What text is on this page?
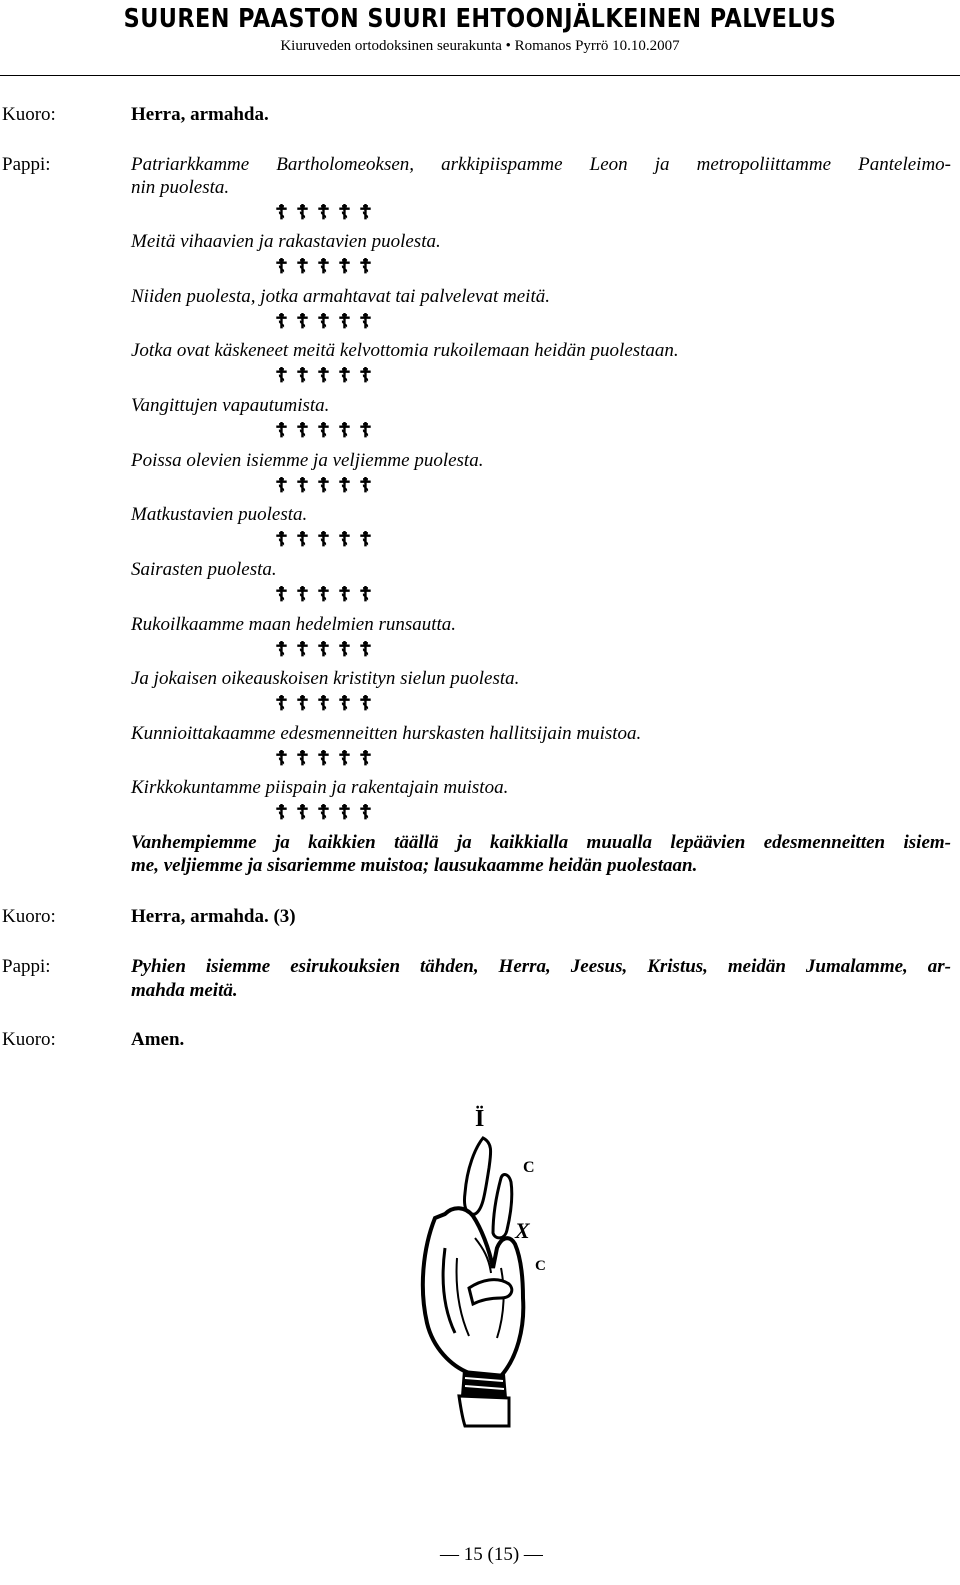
SUUREN PAASTON SUURI EHTOONJÄLKEINEN PALVELUS
Kiuruveden ortodoksinen seurakunta • Romanos Pyrrö 10.10.2007
Kuoro:	Herra, armahda.
Pappi:	Patriarkkamme Bartholomeoksen, arkkipiispamme Leon ja metropoliittamme Panteleimo-
nin puolesta.
☦☦☦☦☦
Meitä vihaavien ja rakastavien puolesta.
☦☦☦☦☦
Niiden puolesta, jotka armahtavat tai palvelevat meitä.
☦☦☦☦☦
Jotka ovat käskeneet meitä kelvottomia rukoilemaan heidän puolestaan.
☦☦☦☦☦
Vangittujen vapautumista.
☦☦☦☦☦
Poissa olevien isiemme ja veljiemme puolesta.
☦☦☦☦☦
Matkustavien puolesta.
☦☦☦☦☦
Sairasten puolesta.
☦☦☦☦☦
Rukoilkaamme maan hedelmien runsautta.
☦☦☦☦☦
Ja jokaisen oikeauskoisen kristityn sielun puolesta.
☦☦☦☦☦
Kunnioittakaamme edesmenneitten hurskasten hallitsijain muistoa.
☦☦☦☦☦
Kirkkokuntamme piispain ja rakentajain muistoa.
☦☦☦☦☦
Vanhempiemme ja kaikkien täällä ja kaikkialla muualla lepäävien edesmenneitten isiem-
me, veljiemme ja sisariemme muistoa; lausukaamme heidän puolestaan.
Kuoro:	Herra, armahda. (3)
Pappi:	Pyhien isiemme esirukouksien tähden, Herra, Jeesus, Kristus, meidän Jumalamme, ar-
mahda meitä.
Kuoro:	Amen.
Ï
C
X
C
— 15 (15) —
